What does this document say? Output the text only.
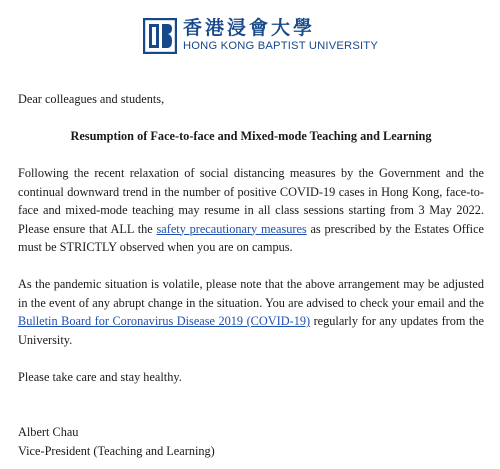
香港浸會大學
HONG KONG BAPTIST UNIVERSITY

Dear colleagues and students,

Resumption of Face-to-face and Mixed-mode Teaching and Learning

Following the recent relaxation of social distancing measures by the Government and the continual downward trend in the number of positive COVID-19 cases in Hong Kong, face-to-face and mixed-mode teaching may resume in all class sessions starting from 3 May 2022. Please ensure that ALL the safety precautionary measures as prescribed by the Estates Office must be STRICTLY observed when you are on campus.

As the pandemic situation is volatile, please note that the above arrangement may be adjusted in the event of any abrupt change in the situation. You are advised to check your email and the Bulletin Board for Coronavirus Disease 2019 (COVID-19) regularly for any updates from the University.

Please take care and stay healthy.

Albert Chau

Vice-President (Teaching and Learning)
